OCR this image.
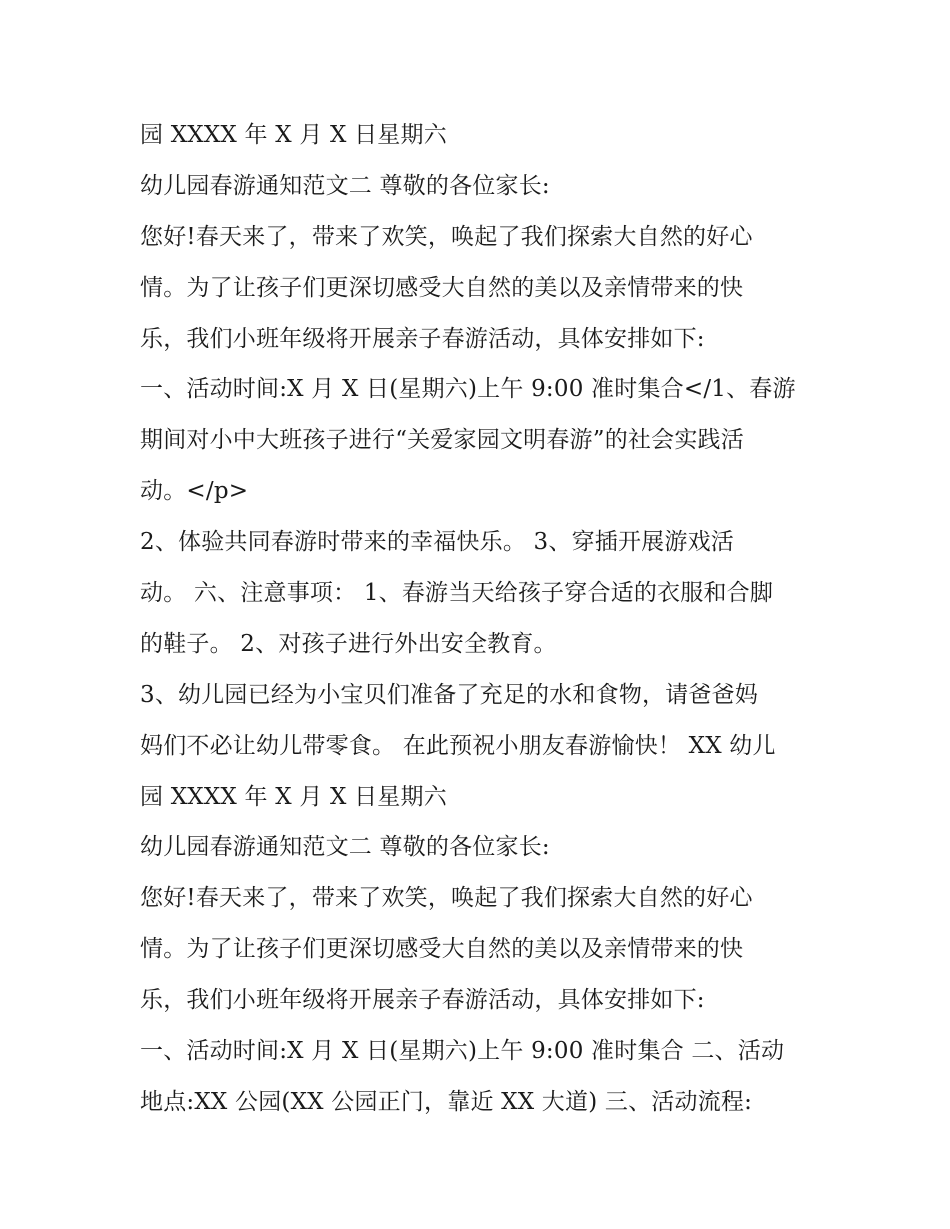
园 XXXX 年 X 月 X 日星期六
幼儿园春游通知范文二 尊敬的各位家长:
您好!春天来了，带来了欢笑，唤起了我们探索大自然的好心
情。为了让孩子们更深切感受大自然的美以及亲情带来的快
乐，我们小班年级将开展亲子春游活动，具体安排如下:
一、活动时间:X 月 X 日(星期六)上午 9:00 准时集合</1、春游
期间对小中大班孩子进行“关爱家园文明春游”的社会实践活
动。</p>
2、体验共同春游时带来的幸福快乐。 3、穿插开展游戏活
动。 六、注意事项： 1、春游当天给孩子穿合适的衣服和合脚
的鞋子。 2、对孩子进行外出安全教育。
3、幼儿园已经为小宝贝们准备了充足的水和食物，请爸爸妈
妈们不必让幼儿带零食。 在此预祝小朋友春游愉快！ XX 幼儿
园 XXXX 年 X 月 X 日星期六
幼儿园春游通知范文二 尊敬的各位家长:
您好!春天来了，带来了欢笑，唤起了我们探索大自然的好心
情。为了让孩子们更深切感受大自然的美以及亲情带来的快
乐，我们小班年级将开展亲子春游活动，具体安排如下:
一、活动时间:X 月 X 日(星期六)上午 9:00 准时集合 二、活动
地点:XX 公园(XX 公园正门，靠近 XX 大道) 三、活动流程:
